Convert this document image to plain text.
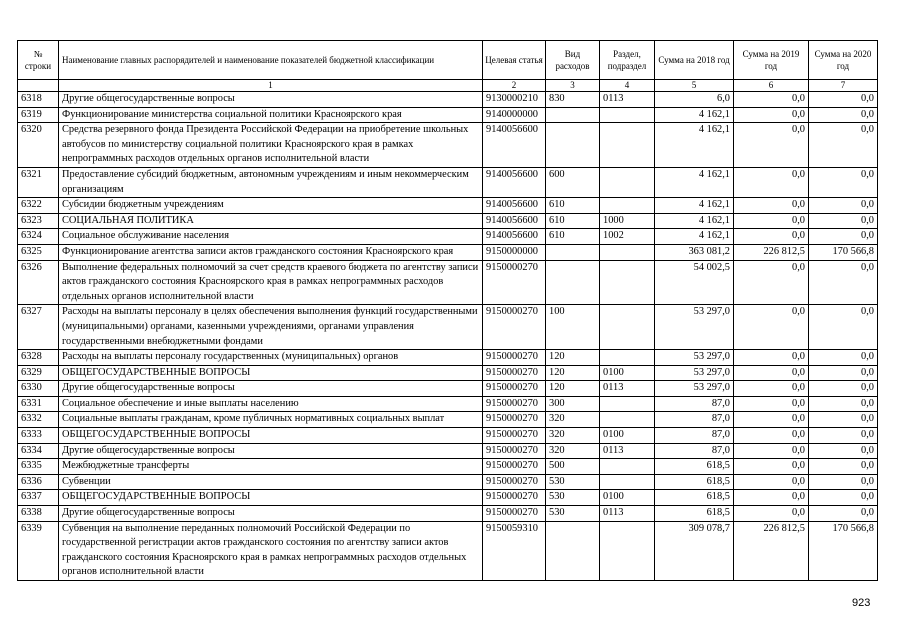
№ строки	Наименование главных распорядителей и наименование показателей бюджетной классификации	Целевая статья	Вид расходов	Раздел, подраздел	Сумма на 2018 год	Сумма на 2019 год	Сумма на 2020 год
	1	2	3	4	5	6	7
6318	Другие общегосударственные вопросы	9130000210	830	0113	6,0	0,0	0,0
6319	Функционирование министерства социальной политики Красноярского края	9140000000			4 162,1	0,0	0,0
6320	Средства резервного фонда Президента Российской Федерации на приобретение школьных автобусов по министерству социальной политики Красноярского края в рамках непрограммных расходов отдельных органов исполнительной власти	9140056600			4 162,1	0,0	0,0
6321	Предоставление субсидий бюджетным, автономным учреждениям и иным некоммерческим организациям	9140056600	600		4 162,1	0,0	0,0
6322	Субсидии бюджетным учреждениям	9140056600	610		4 162,1	0,0	0,0
6323	СОЦИАЛЬНАЯ ПОЛИТИКА	9140056600	610	1000	4 162,1	0,0	0,0
6324	Социальное обслуживание населения	9140056600	610	1002	4 162,1	0,0	0,0
6325	Функционирование агентства записи актов гражданского состояния Красноярского края	9150000000			363 081,2	226 812,5	170 566,8
6326	Выполнение федеральных полномочий за счет средств краевого бюджета по агентству записи актов гражданского состояния Красноярского края в рамках непрограммных расходов отдельных органов исполнительной власти	9150000270			54 002,5	0,0	0,0
6327	Расходы на выплаты персоналу в целях обеспечения выполнения функций государственными (муниципальными) органами, казенными учреждениями, органами управления государственными внебюджетными фондами	9150000270	100		53 297,0	0,0	0,0
6328	Расходы на выплаты персоналу государственных (муниципальных) органов	9150000270	120		53 297,0	0,0	0,0
6329	ОБЩЕГОСУДАРСТВЕННЫЕ ВОПРОСЫ	9150000270	120	0100	53 297,0	0,0	0,0
6330	Другие общегосударственные вопросы	9150000270	120	0113	53 297,0	0,0	0,0
6331	Социальное обеспечение и иные выплаты населению	9150000270	300		87,0	0,0	0,0
6332	Социальные выплаты гражданам, кроме публичных нормативных социальных выплат	9150000270	320		87,0	0,0	0,0
6333	ОБЩЕГОСУДАРСТВЕННЫЕ ВОПРОСЫ	9150000270	320	0100	87,0	0,0	0,0
6334	Другие общегосударственные вопросы	9150000270	320	0113	87,0	0,0	0,0
6335	Межбюджетные трансферты	9150000270	500		618,5	0,0	0,0
6336	Субвенции	9150000270	530		618,5	0,0	0,0
6337	ОБЩЕГОСУДАРСТВЕННЫЕ ВОПРОСЫ	9150000270	530	0100	618,5	0,0	0,0
6338	Другие общегосударственные вопросы	9150000270	530	0113	618,5	0,0	0,0
6339	Субвенция на выполнение переданных полномочий Российской Федерации по государственной регистрации актов гражданского состояния по агентству записи актов гражданского состояния Красноярского края в рамках непрограммных расходов отдельных органов исполнительной власти	9150059310			309 078,7	226 812,5	170 566,8
923
